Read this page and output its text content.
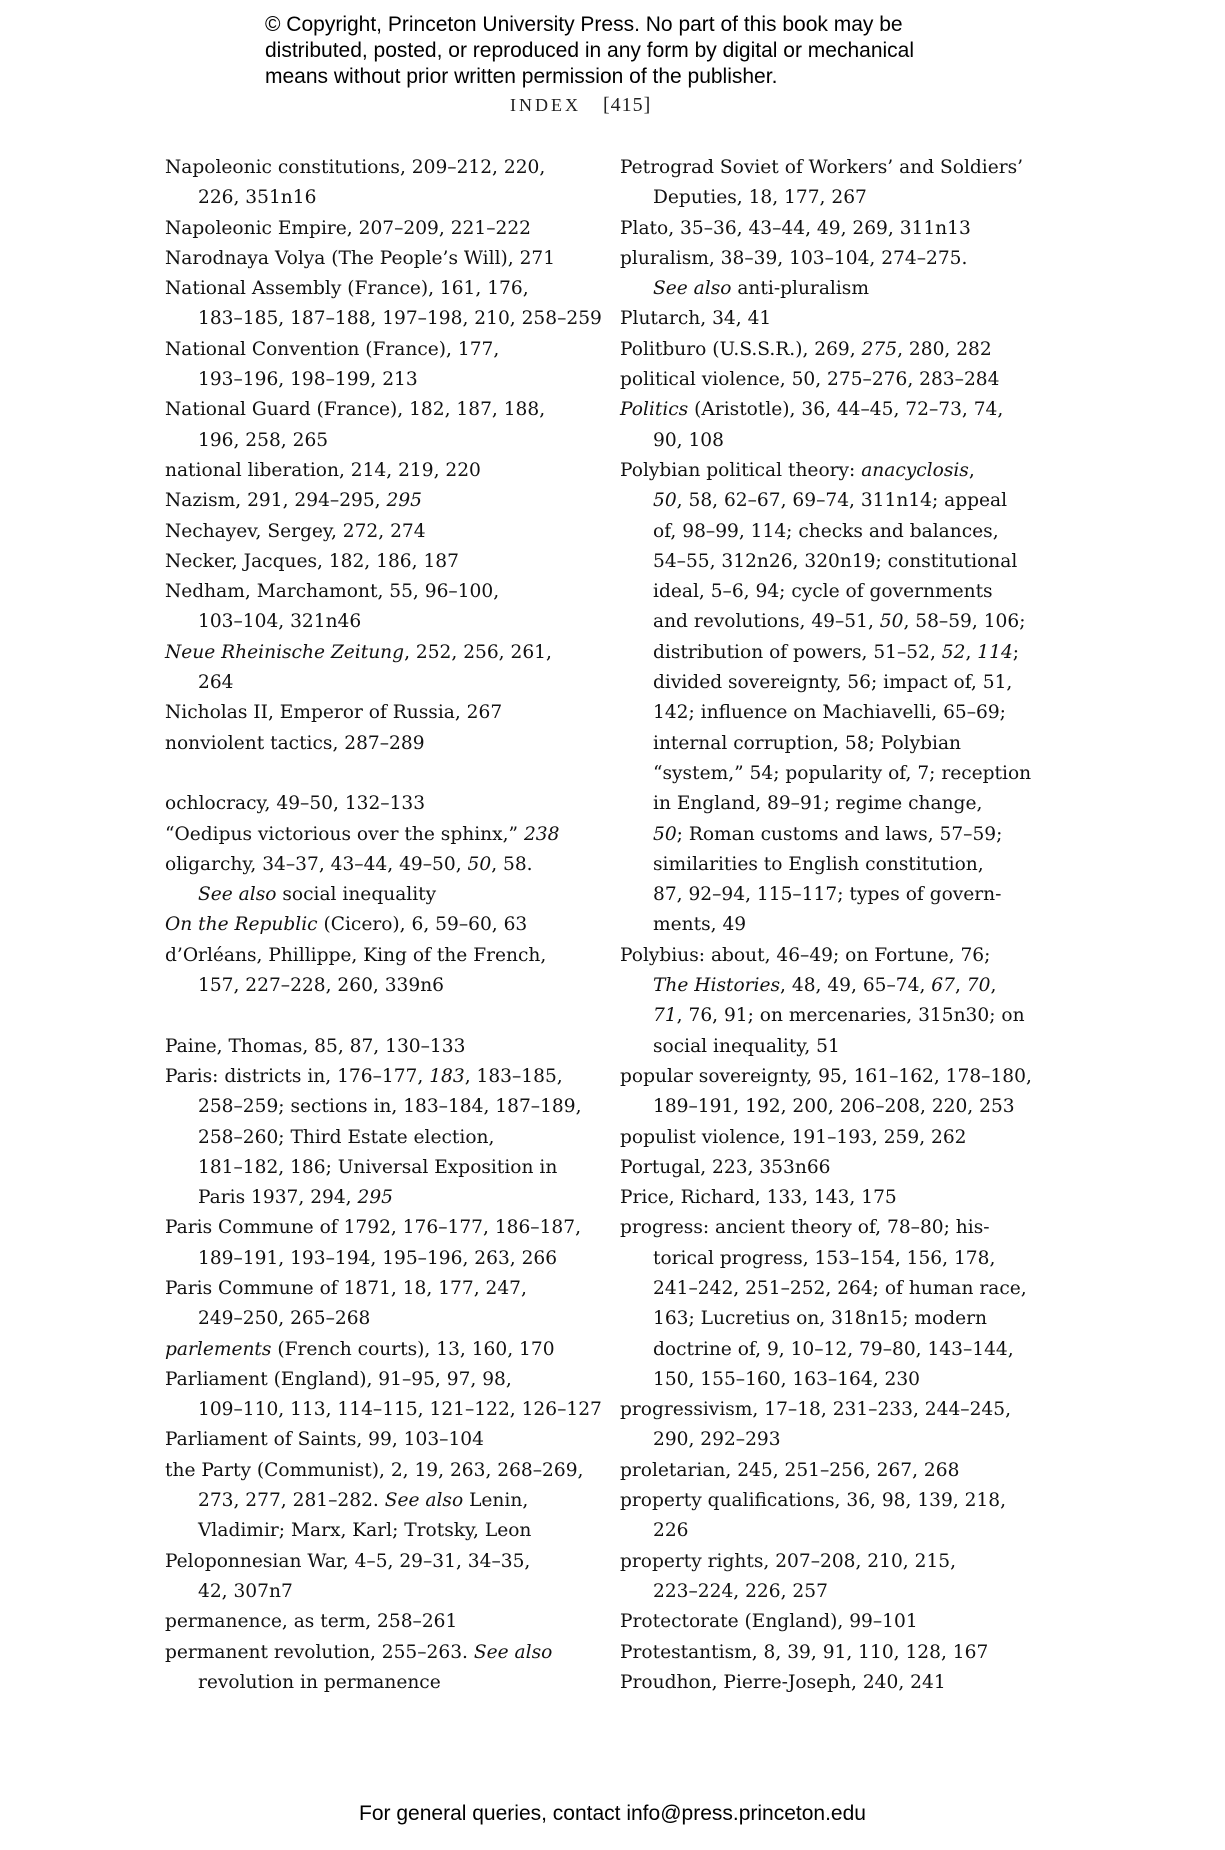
© Copyright, Princeton University Press. No part of this book may be
distributed, posted, or reproduced in any form by digital or mechanical
means without prior written permission of the publisher.
INDEX [415]
Napoleonic constitutions, 209–212, 220,
226, 351n16
Napoleonic Empire, 207–209, 221–222
Narodnaya Volya (The People’s Will), 271
National Assembly (France), 161, 176,
183–185, 187–188, 197–198, 210, 258–259
National Convention (France), 177,
193–196, 198–199, 213
National Guard (France), 182, 187, 188,
196, 258, 265
national liberation, 214, 219, 220
Nazism, 291, 294–295, 295
Nechayev, Sergey, 272, 274
Necker, Jacques, 182, 186, 187
Nedham, Marchamont, 55, 96–100,
103–104, 321n46
Neue Rheinische Zeitung, 252, 256, 261,
264
Nicholas II, Emperor of Russia, 267
nonviolent tactics, 287–289
ochlocracy, 49–50, 132–133
“Oedipus victorious over the sphinx,” 238
oligarchy, 34–37, 43–44, 49–50, 50, 58.
See also social inequality
On the Republic (Cicero), 6, 59–60, 63
d’Orléans, Phillippe, King of the French,
157, 227–228, 260, 339n6
Paine, Thomas, 85, 87, 130–133
Paris: districts in, 176–177, 183, 183–185,
258–259; sections in, 183–184, 187–189,
258–260; Third Estate election,
181–182, 186; Universal Exposition in
Paris 1937, 294, 295
Paris Commune of 1792, 176–177, 186–187,
189–191, 193–194, 195–196, 263, 266
Paris Commune of 1871, 18, 177, 247,
249–250, 265–268
parlements (French courts), 13, 160, 170
Parliament (England), 91–95, 97, 98,
109–110, 113, 114–115, 121–122, 126–127
Parliament of Saints, 99, 103–104
the Party (Communist), 2, 19, 263, 268–269,
273, 277, 281–282. See also Lenin,
Vladimir; Marx, Karl; Trotsky, Leon
Peloponnesian War, 4–5, 29–31, 34–35,
42, 307n7
permanence, as term, 258–261
permanent revolution, 255–263. See also
revolution in permanence
Petrograd Soviet of Workers’ and Soldiers’
Deputies, 18, 177, 267
Plato, 35–36, 43–44, 49, 269, 311n13
pluralism, 38–39, 103–104, 274–275.
See also anti-pluralism
Plutarch, 34, 41
Politburo (U.S.S.R.), 269, 275, 280, 282
political violence, 50, 275–276, 283–284
Politics (Aristotle), 36, 44–45, 72–73, 74,
90, 108
Polybian political theory: anacyclosis,
50, 58, 62–67, 69–74, 311n14; appeal
of, 98–99, 114; checks and balances,
54–55, 312n26, 320n19; constitutional
ideal, 5–6, 94; cycle of governments
and revolutions, 49–51, 50, 58–59, 106;
distribution of powers, 51–52, 52, 114;
divided sovereignty, 56; impact of, 51,
142; influence on Machiavelli, 65–69;
internal corruption, 58; Polybian
“system,” 54; popularity of, 7; reception
in England, 89–91; regime change,
50; Roman customs and laws, 57–59;
similarities to English constitution,
87, 92–94, 115–117; types of govern-
ments, 49
Polybius: about, 46–49; on Fortune, 76;
The Histories, 48, 49, 65–74, 67, 70,
71, 76, 91; on mercenaries, 315n30; on
social inequality, 51
popular sovereignty, 95, 161–162, 178–180,
189–191, 192, 200, 206–208, 220, 253
populist violence, 191–193, 259, 262
Portugal, 223, 353n66
Price, Richard, 133, 143, 175
progress: ancient theory of, 78–80; his-
torical progress, 153–154, 156, 178,
241–242, 251–252, 264; of human race,
163; Lucretius on, 318n15; modern
doctrine of, 9, 10–12, 79–80, 143–144,
150, 155–160, 163–164, 230
progressivism, 17–18, 231–233, 244–245,
290, 292–293
proletarian, 245, 251–256, 267, 268
property qualifications, 36, 98, 139, 218,
226
property rights, 207–208, 210, 215,
223–224, 226, 257
Protectorate (England), 99–101
Protestantism, 8, 39, 91, 110, 128, 167
Proudhon, Pierre-Joseph, 240, 241
For general queries, contact info@press.princeton.edu
